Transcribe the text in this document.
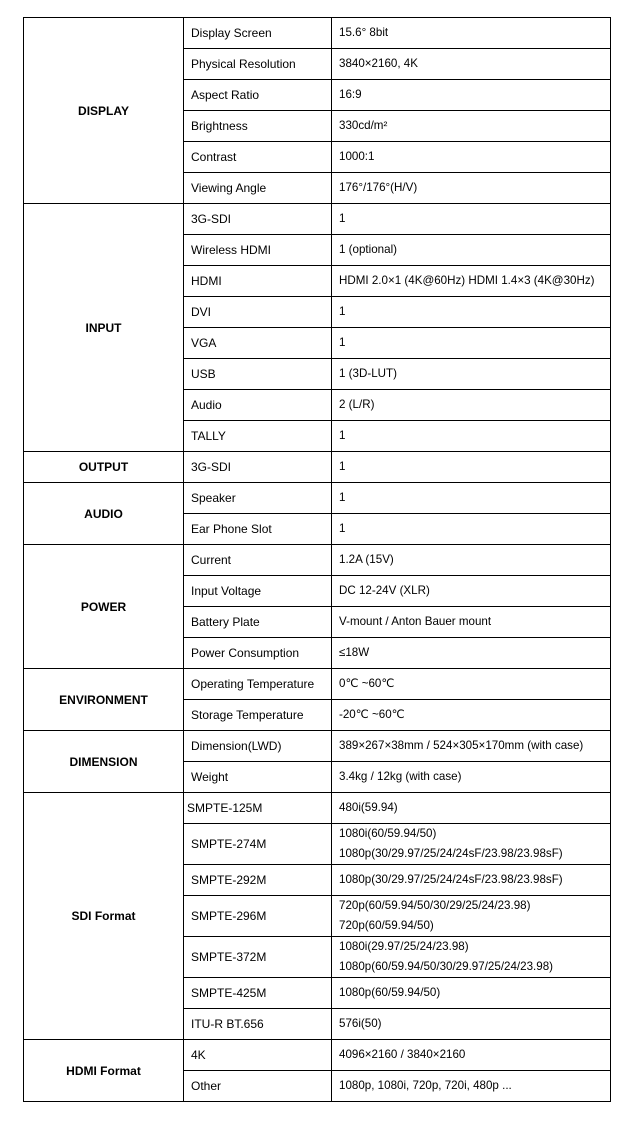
DISPLAY	Display Screen	15.6° 8bit

	Physical Resolution	3840×2160, 4K

	Aspect Ratio	16:9

	Brightness	330cd/m²

	Contrast	1000:1

	Viewing Angle	176°/176°(H/V)

INPUT	3G-SDI	1

	Wireless HDMI	1 (optional)

	HDMI	HDMI 2.0×1 (4K@60Hz) HDMI 1.4×3 (4K@30Hz)

	DVI	1

	VGA	1

	USB	1 (3D-LUT)

	Audio	2 (L/R)

	TALLY	1

OUTPUT	3G-SDI	1

AUDIO	Speaker	1

	Ear Phone Slot	1

POWER	Current	1.2A (15V)

	Input Voltage	DC 12-24V (XLR)

	Battery Plate	V-mount / Anton Bauer mount

	Power Consumption	≤18W

ENVIRONMENT	Operating Temperature	0℃ ~60℃

	Storage Temperature	-20℃ ~60℃

DIMENSION	Dimension(LWD)	389×267×38mm / 524×305×170mm (with case)

	Weight	3.4kg / 12kg (with case)

SDI Format	SMPTE-125M	480i(59.94)

	SMPTE-274M	1080i(60/59.94/50)
1080p(30/29.97/25/24/24sF/23.98/23.98sF)

	SMPTE-292M	1080p(30/29.97/25/24/24sF/23.98/23.98sF)

	SMPTE-296M	720p(60/59.94/50/30/29/25/24/23.98)
720p(60/59.94/50)

	SMPTE-372M	1080i(29.97/25/24/23.98)
1080p(60/59.94/50/30/29.97/25/24/23.98)

	SMPTE-425M	1080p(60/59.94/50)

	ITU-R BT.656	576i(50)

HDMI Format	4K	4096×2160 / 3840×2160

	Other	1080p, 1080i, 720p, 720i, 480p ...
